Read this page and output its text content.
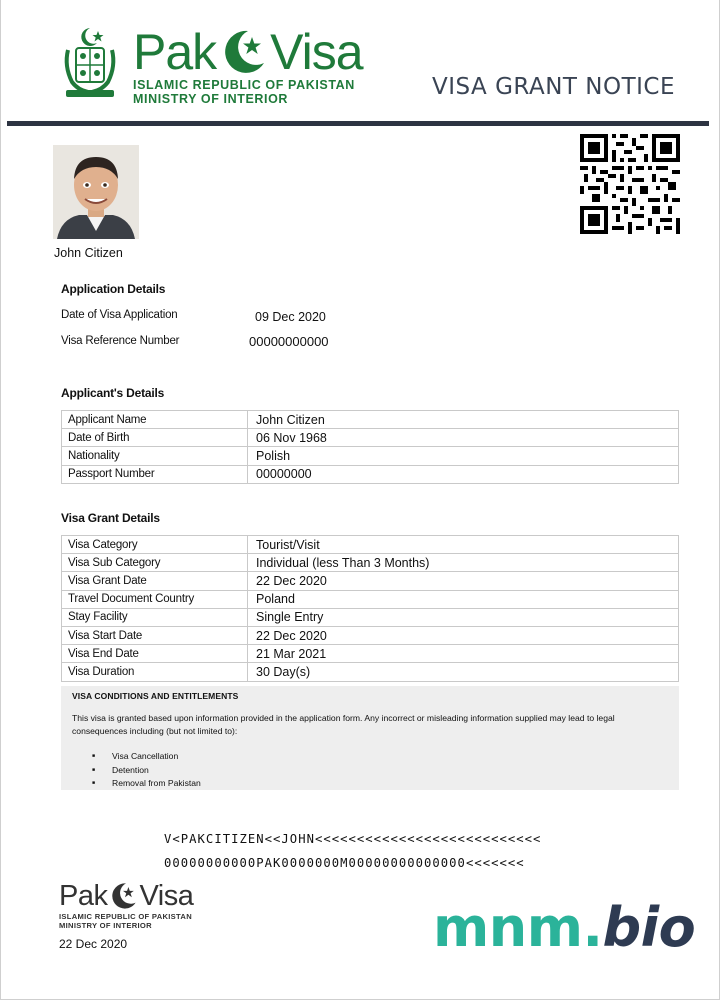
Pak Visa
ISLAMIC REPUBLIC OF PAKISTAN
MINISTRY OF INTERIOR	VISA GRANT NOTICE
John Citizen
Application Details
Date of Visa Application	09 Dec 2020
Visa Reference Number	00000000000
Applicant's Details
Applicant Name	John Citizen
Date of Birth	06 Nov 1968
Nationality	Polish
Passport Number	00000000
Visa Grant Details
Visa Category	Tourist/Visit
Visa Sub Category	Individual (less Than 3 Months)
Visa Grant Date	22 Dec 2020
Travel Document Country	Poland
Stay Facility	Single Entry
Visa Start Date	22 Dec 2020
Visa End Date	21 Mar 2021
Visa Duration	30 Day(s)
VISA CONDITIONS AND ENTITLEMENTS
This visa is granted based upon information provided in the application form. Any incorrect or misleading information supplied may lead to legal consequences including (but not limited to):
■ Visa Cancellation
■ Detention
■ Removal from Pakistan
V<PAKCITIZEN<<JOHN<<<<<<<<<<<<<<<<<<<<<<<<<<<
00000000000PAK0000000M00000000000000<<<<<<<
Pak Visa
ISLAMIC REPUBLIC OF PAKISTAN
MINISTRY OF INTERIOR
22 Dec 2020	mnm.bio
